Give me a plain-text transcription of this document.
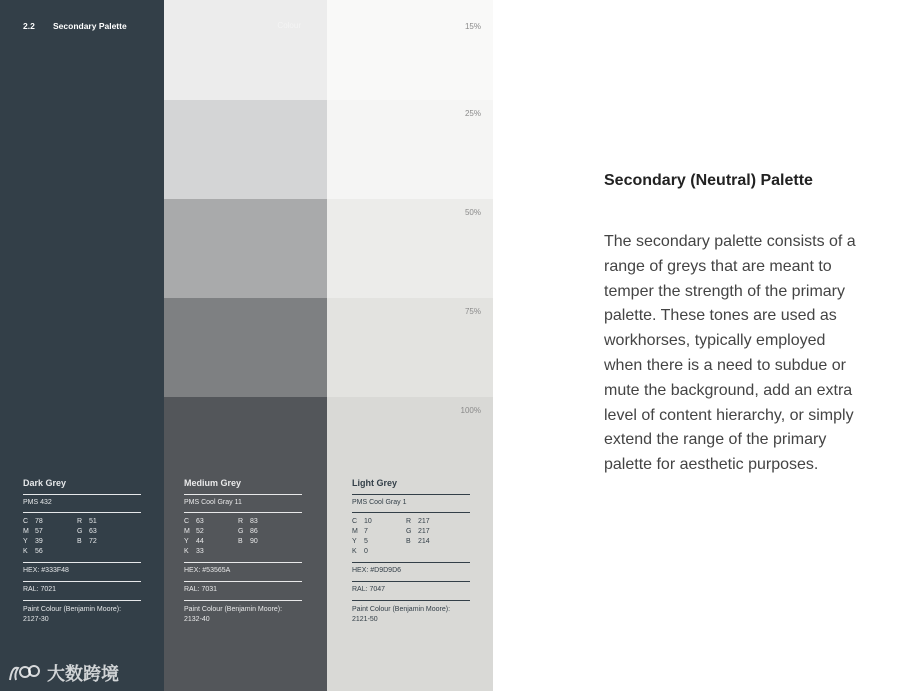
2.2 Secondary Palette	Colour	15%
25%
50%
75%
100%
Dark Grey
PMS 432
C 78	R 51
M 57	G 63
Y	39	B	72
K	56
HEX: #333F48
RAL: 7021
Paint Colour (Benjamin Moore):
2127-30
Medium Grey
PMS Cool Gray 11
C 63	R 83
M 52	G 86
Y	44	B	90
K	33
HEX: #53565A
RAL: 7031
Paint Colour (Benjamin Moore):
2132-40
Light Grey
PMS Cool Gray 1
C 10	R 217
M 7	G 217
Y	5	B	214
K	0
HEX: #D9D9D6
RAL: 7047
Paint Colour (Benjamin Moore):
2121-50
Secondary (Neutral) Palette
The secondary palette consists of a range of greys that are meant to temper the strength of the primary palette. These tones are used as workhorses, typically employed when there is a need to subdue or mute the background, add an extra level of content hierarchy, or simply extend the range of the primary palette for aesthetic purposes.
大数跨境
